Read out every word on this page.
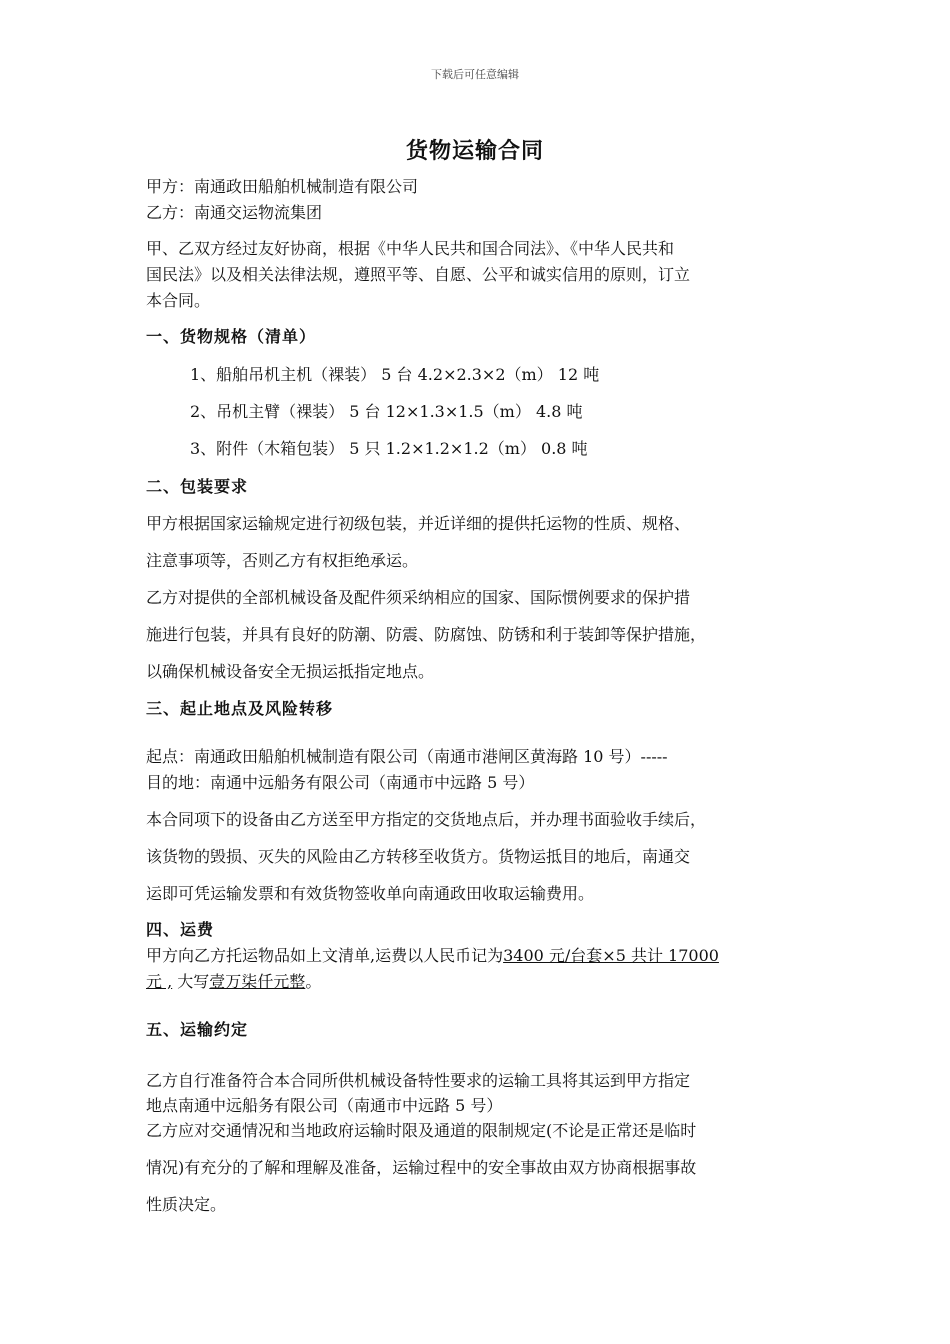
下载后可任意编辑
货物运输合同
甲方：南通政田船舶机械制造有限公司
乙方：南通交运物流集团
甲、乙双方经过友好协商，根据《中华人民共和国合同法》、《中华人民共和
国民法》以及相关法律法规，遵照平等、自愿、公平和诚实信用的原则，订立
本合同。
一、货物规格（清单）
1、船舶吊机主机（裸装） 5 台 4.2×2.3×2（m） 12 吨
2、吊机主臂（裸装） 5 台 12×1.3×1.5（m） 4.8 吨
3、附件（木箱包装） 5 只 1.2×1.2×1.2（m） 0.8 吨
二、包装要求
甲方根据国家运输规定进行初级包装，并近详细的提供托运物的性质、规格、
注意事项等，否则乙方有权拒绝承运。
乙方对提供的全部机械设备及配件须采纳相应的国家、国际惯例要求的保护措
施进行包装，并具有良好的防潮、防震、防腐蚀、防锈和利于装卸等保护措施，
以确保机械设备安全无损运抵指定地点。
三、起止地点及风险转移
起点：南通政田船舶机械制造有限公司（南通市港闸区黄海路 10 号）-----
目的地：南通中远船务有限公司（南通市中远路 5 号）
本合同项下的设备由乙方送至甲方指定的交货地点后，并办理书面验收手续后，
该货物的毁损、灭失的风险由乙方转移至收货方。货物运抵目的地后，南通交
运即可凭运输发票和有效货物签收单向南通政田收取运输费用。
四、运费
甲方向乙方托运物品如上文清单,运费以人民币记为3400 元/台套×5 共计 17000
元 , 大写壹万柒仟元整。
五、运输约定
乙方自行准备符合本合同所供机械设备特性要求的运输工具将其运到甲方指定
地点南通中远船务有限公司（南通市中远路 5 号）
乙方应对交通情况和当地政府运输时限及通道的限制规定(不论是正常还是临时
情况)有充分的了解和理解及准备，运输过程中的安全事故由双方协商根据事故
性质决定。
